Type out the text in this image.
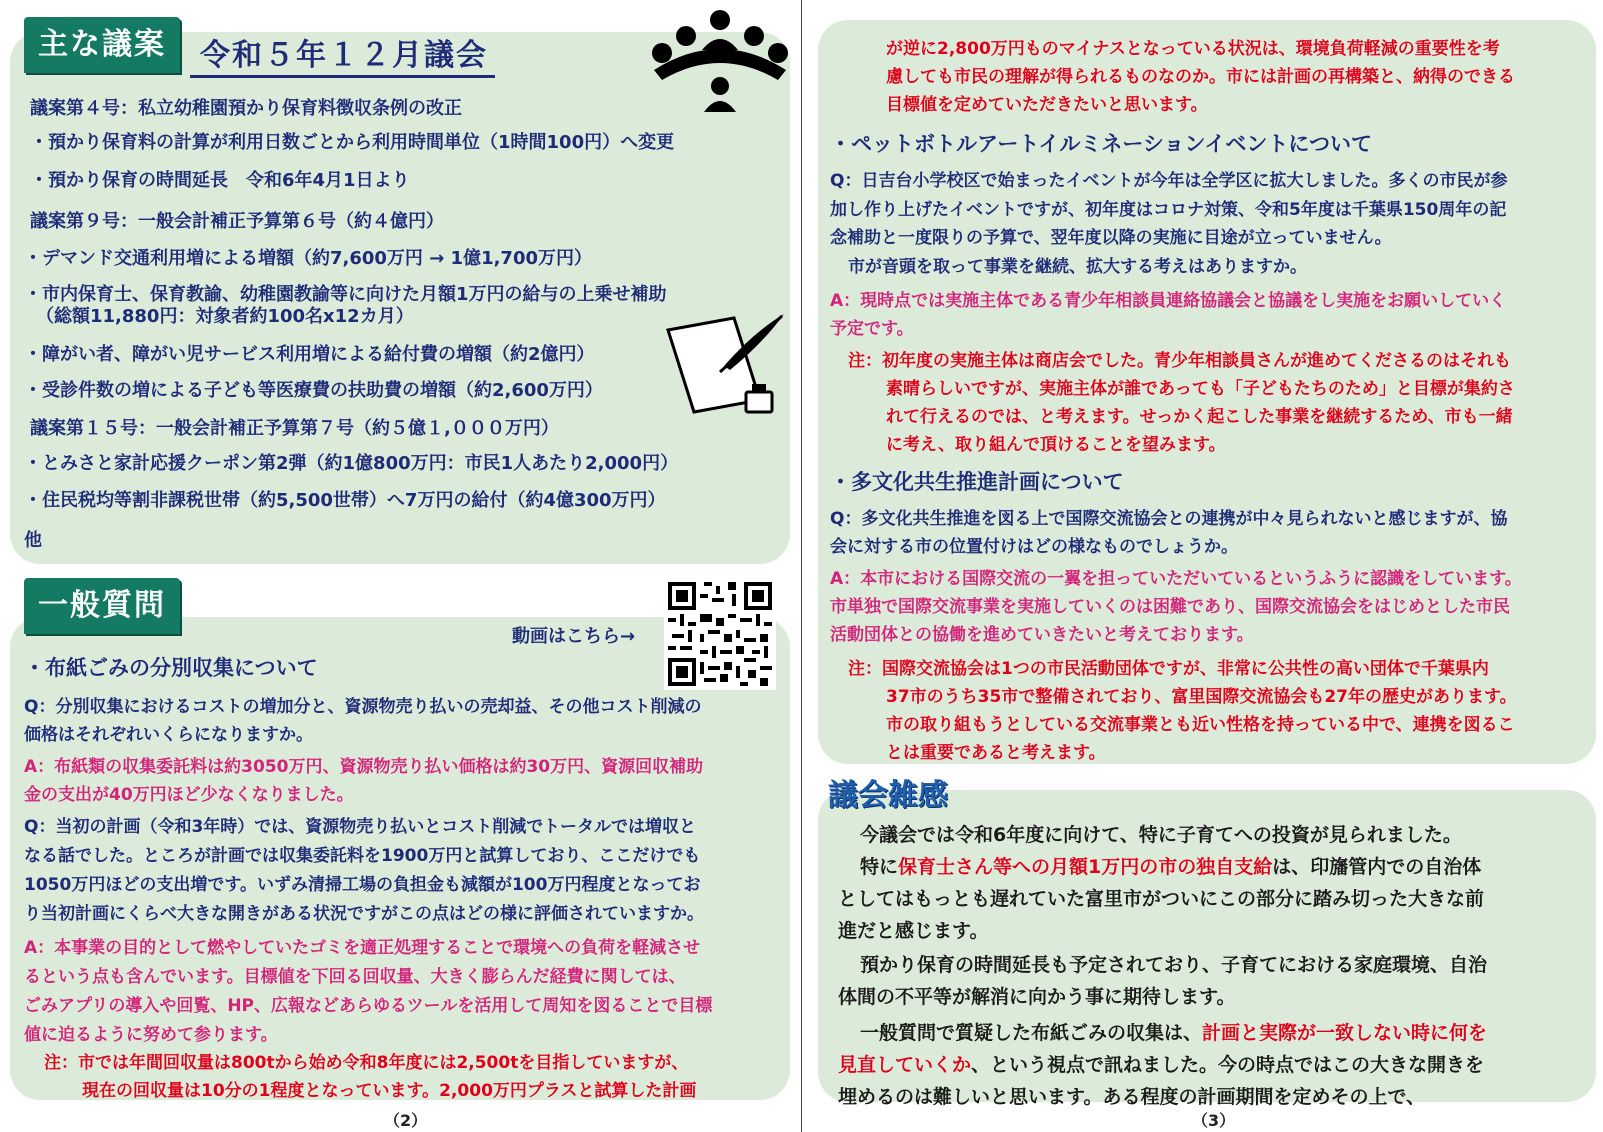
主な議案	令和５年１２月議会
議案第４号：私立幼稚園預かり保育料徴収条例の改正
・預かり保育料の計算が利用日数ごとから利用時間単位（1時間100円）へ変更
・預かり保育の時間延長　令和6年4月1日より
議案第９号：一般会計補正予算第６号（約４億円）
・デマンド交通利用増による増額（約7,600万円 → 1億1,700万円）
・市内保育士、保育教諭、幼稚園教諭等に向けた月額1万円の給与の上乗せ補助
（総額11,880円：対象者約100名x12カ月）
・障がい者、障がい児サービス利用増による給付費の増額（約2億円）
・受診件数の増による子ども等医療費の扶助費の増額（約2,600万円）
議案第１５号：一般会計補正予算第７号（約５億１,０００万円）
・とみさと家計応援クーポン第2弾（約1億800万円：市民1人あたり2,000円）
・住民税均等割非課税世帯（約5,500世帯）へ7万円の給付（約4億300万円）
他
一般質問
動画はこちら→
・布紙ごみの分別収集について
Q：分別収集におけるコストの増加分と、資源物売り払いの売却益、その他コスト削減の
価格はそれぞれいくらになりますか。
A：布紙類の収集委託料は約3050万円、資源物売り払い価格は約30万円、資源回収補助
金の支出が40万円ほど少なくなりました。
Q：当初の計画（令和3年時）では、資源物売り払いとコスト削減でトータルでは増収と
なる話でした。ところが計画では収集委託料を1900万円と試算しており、ここだけでも
1050万円ほどの支出増です。いずみ清掃工場の負担金も減額が100万円程度となってお
り当初計画にくらべ大きな開きがある状況ですがこの点はどの様に評価されていますか。
A：本事業の目的として燃やしていたゴミを適正処理することで環境への負荷を軽減させ
るという点も含んでいます。目標値を下回る回収量、大きく膨らんだ経費に関しては、
ごみアプリの導入や回覧、HP、広報などあらゆるツールを活用して周知を図ることで目標
値に迫るように努めて参ります。
注：市では年間回収量は800tから始め令和8年度には2,500tを目指していますが、
現在の回収量は10分の1程度となっています。2,000万円プラスと試算した計画
（2）
が逆に2,800万円ものマイナスとなっている状況は、環境負荷軽減の重要性を考
慮しても市民の理解が得られるものなのか。市には計画の再構築と、納得のできる
目標値を定めていただきたいと思います。
・ペットボトルアートイルミネーションイベントについて
Q：日吉台小学校区で始まったイベントが今年は全学区に拡大しました。多くの市民が参
加し作り上げたイベントですが、初年度はコロナ対策、令和5年度は千葉県150周年の記
念補助と一度限りの予算で、翌年度以降の実施に目途が立っていません。
市が音頭を取って事業を継続、拡大する考えはありますか。
A：現時点では実施主体である青少年相談員連絡協議会と協議をし実施をお願いしていく
予定です。
注：初年度の実施主体は商店会でした。青少年相談員さんが進めてくださるのはそれも
素晴らしいですが、実施主体が誰であっても「子どもたちのため」と目標が集約さ
れて行えるのでは、と考えます。せっかく起こした事業を継続するため、市も一緒
に考え、取り組んで頂けることを望みます。
・多文化共生推進計画について
Q：多文化共生推進を図る上で国際交流協会との連携が中々見られないと感じますが、協
会に対する市の位置付けはどの様なものでしょうか。
A：本市における国際交流の一翼を担っていただいているというふうに認識をしています。
市単独で国際交流事業を実施していくのは困難であり、国際交流協会をはじめとした市民
活動団体との協働を進めていきたいと考えております。
注：国際交流協会は1つの市民活動団体ですが、非常に公共性の高い団体で千葉県内
37市のうち35市で整備されており、富里国際交流協会も27年の歴史があります。
市の取り組もうとしている交流事業とも近い性格を持っている中で、連携を図るこ
とは重要であると考えます。
議会雑感
今議会では令和6年度に向けて、特に子育てへの投資が見られました。
特に保育士さん等への月額1万円の市の独自支給は、印旛管内での自治体
としてはもっとも遅れていた富里市がついにこの部分に踏み切った大きな前
進だと感じます。
預かり保育の時間延長も予定されており、子育てにおける家庭環境、自治
体間の不平等が解消に向かう事に期待します。
一般質問で質疑した布紙ごみの収集は、計画と実際が一致しない時に何を
見直していくか、という視点で訊ねました。今の時点ではこの大きな開きを
埋めるのは難しいと思います。ある程度の計画期間を定めその上で、
（3）
